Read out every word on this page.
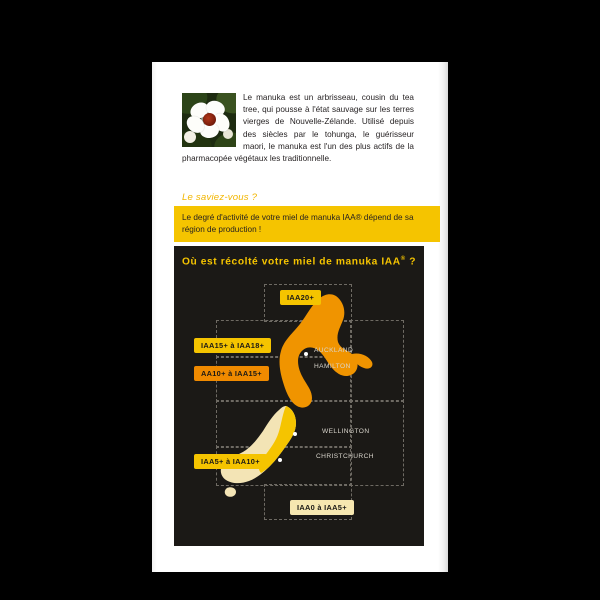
Le manuka est un arbrisseau, cousin du tea tree, qui pousse à l'état sauvage sur les terres vierges de Nouvelle-Zélande. Utilisé depuis des siècles par le tohunga, le guérisseur maori, le manuka est l'un des plus actifs de la pharmacopée végétaux les traditionnelle.
Le saviez-vous ?
Le degré d'activité de votre miel de manuka IAA® dépend de sa région de production !
Où est récolté votre miel de manuka IAA® ?
AUCKLAND
HAMILTON
WELLINGTON
CHRISTCHURCH
IAA20+
IAA15+ à IAA18+
AA10+ à IAA15+
IAA5+ à IAA10+
IAA0 à IAA5+
